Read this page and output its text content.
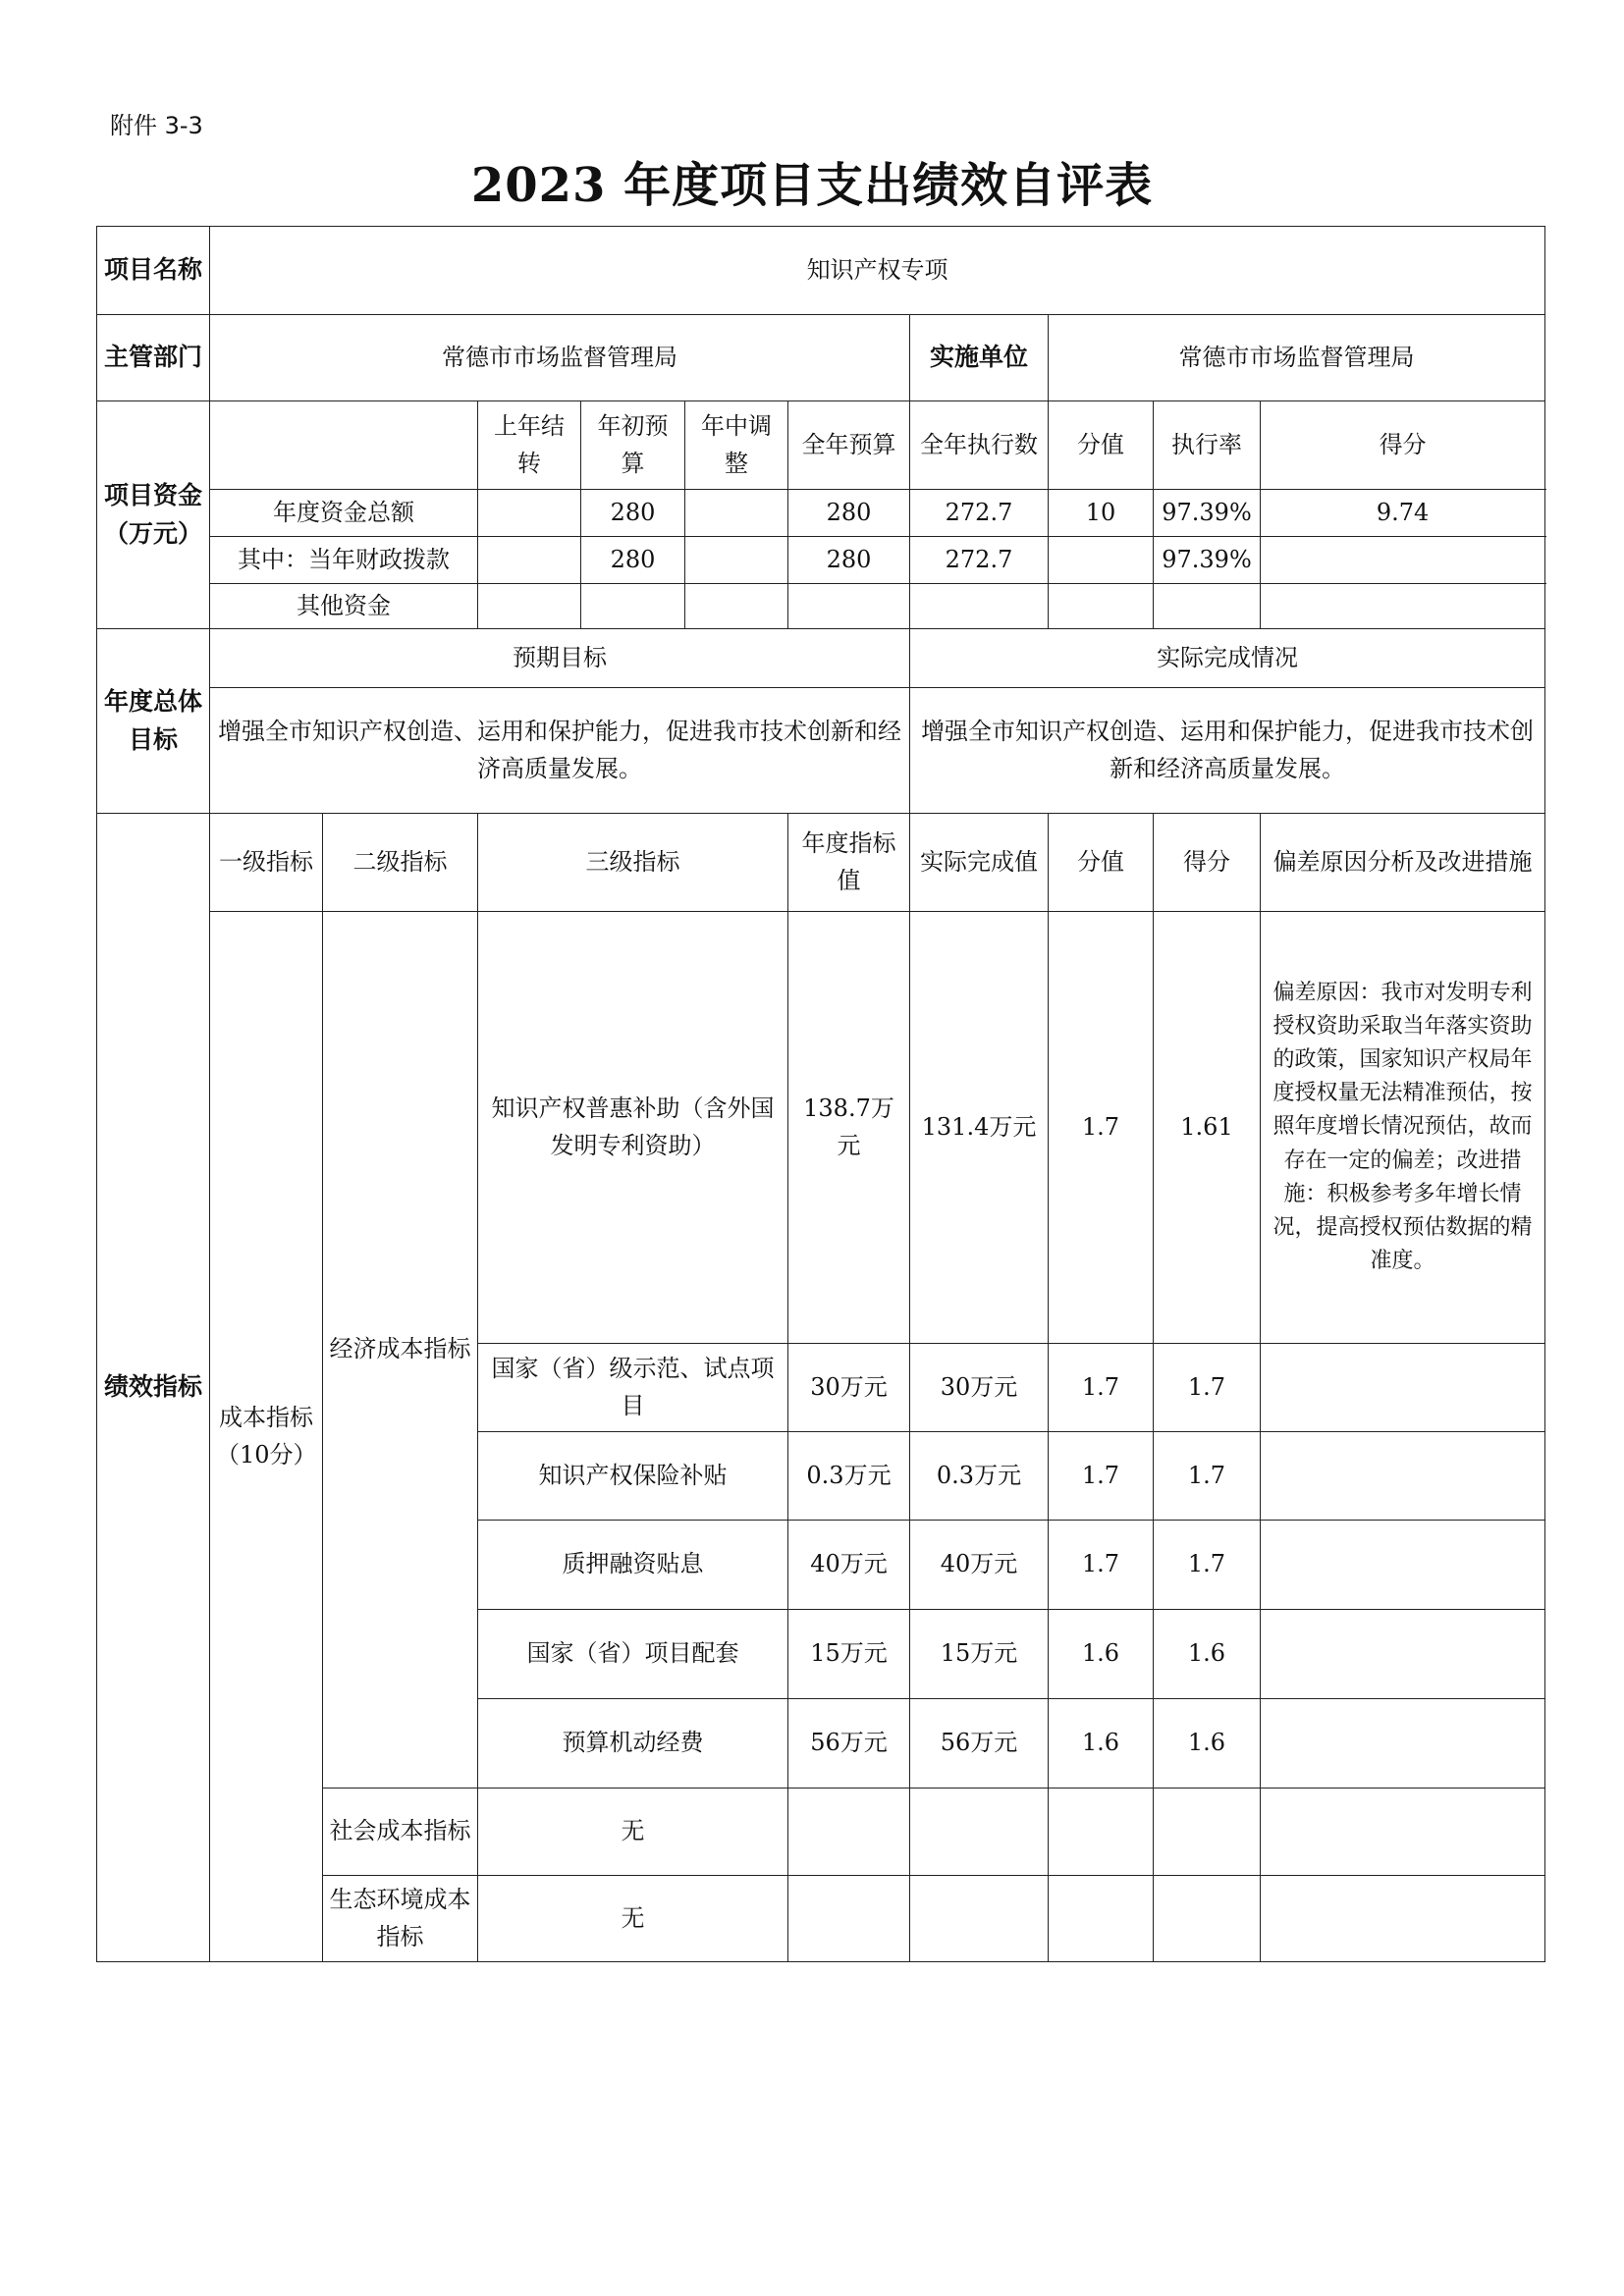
附件 3-3
2023 年度项目支出绩效自评表
项目名称	知识产权专项									
主管部门	常德市市场监督管理局						实施单位	常德市市场监督管理局		
项目资金（万元）			上年结转	年初预算	年中调整	全年预算	全年执行数	分值	执行率	得分
	年度资金总额			280		280	272.7	10	97.39%	9.74
	其中：当年财政拨款			280		280	272.7		97.39%	
	其他资金									
年度总体目标	预期目标						实际完成情况			
	增强全市知识产权创造、运用和保护能力，促进我市技术创新和经济高质量发展。						增强全市知识产权创造、运用和保护能力，促进我市技术创新和经济高质量发展。			
绩效指标	一级指标	二级指标	三级指标			年度指标值	实际完成值	分值	得分	偏差原因分析及改进措施
	成本指标（10分）	经济成本指标	知识产权普惠补助（含外国发明专利资助）			138.7万元	131.4万元	1.7	1.61	偏差原因：我市对发明专利授权资助采取当年落实资助的政策，国家知识产权局年度授权量无法精准预估，按照年度增长情况预估，故而存在一定的偏差；改进措施：积极参考多年增长情况，提高授权预估数据的精准度。
			国家（省）级示范、试点项目			30万元	30万元	1.7	1.7	
			知识产权保险补贴			0.3万元	0.3万元	1.7	1.7	
			质押融资贴息			40万元	40万元	1.7	1.7	
			国家（省）项目配套			15万元	15万元	1.6	1.6	
			预算机动经费			56万元	56万元	1.6	1.6	
		社会成本指标	无							
		生态环境成本指标	无							
